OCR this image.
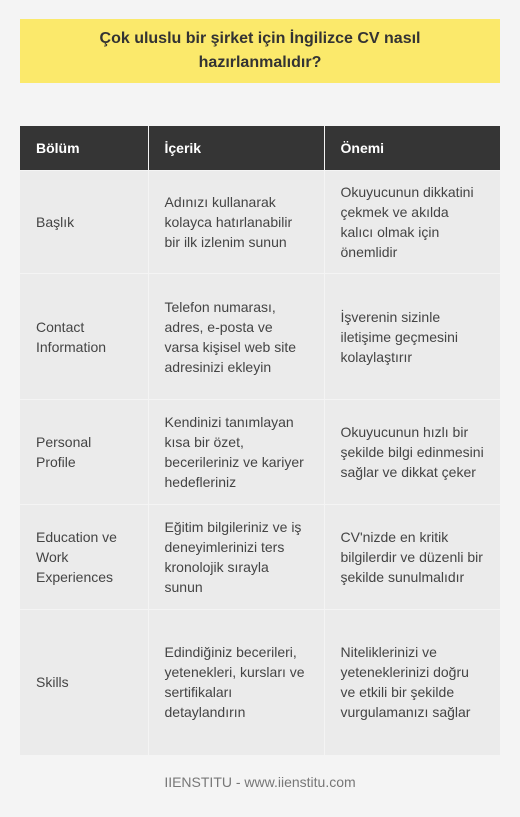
Çok uluslu bir şirket için İngilizce CV nasıl hazırlanmalıdır?
Bölüm	İçerik	Önemi
Başlık	Adınızı kullanarak kolayca hatırlanabilir bir ilk izlenim sunun	Okuyucunun dikkatini çekmek ve akılda kalıcı olmak için önemlidir
Contact Information	Telefon numarası, adres, e-posta ve varsa kişisel web site adresinizi ekleyin	İşverenin sizinle iletişime geçmesini kolaylaştırır
Personal Profile	Kendinizi tanımlayan kısa bir özet, becerileriniz ve kariyer hedefleriniz	Okuyucunun hızlı bir şekilde bilgi edinmesini sağlar ve dikkat çeker
Education ve Work Experiences	Eğitim bilgileriniz ve iş deneyimlerinizi ters kronolojik sırayla sunun	CV'nizde en kritik bilgilerdir ve düzenli bir şekilde sunulmalıdır
Skills	Edindiğiniz becerileri, yetenekleri, kursları ve sertifikaları detaylandırın	Niteliklerinizi ve yeteneklerinizi doğru ve etkili bir şekilde vurgulamanızı sağlar
IIENSTITU - www.iienstitu.com
